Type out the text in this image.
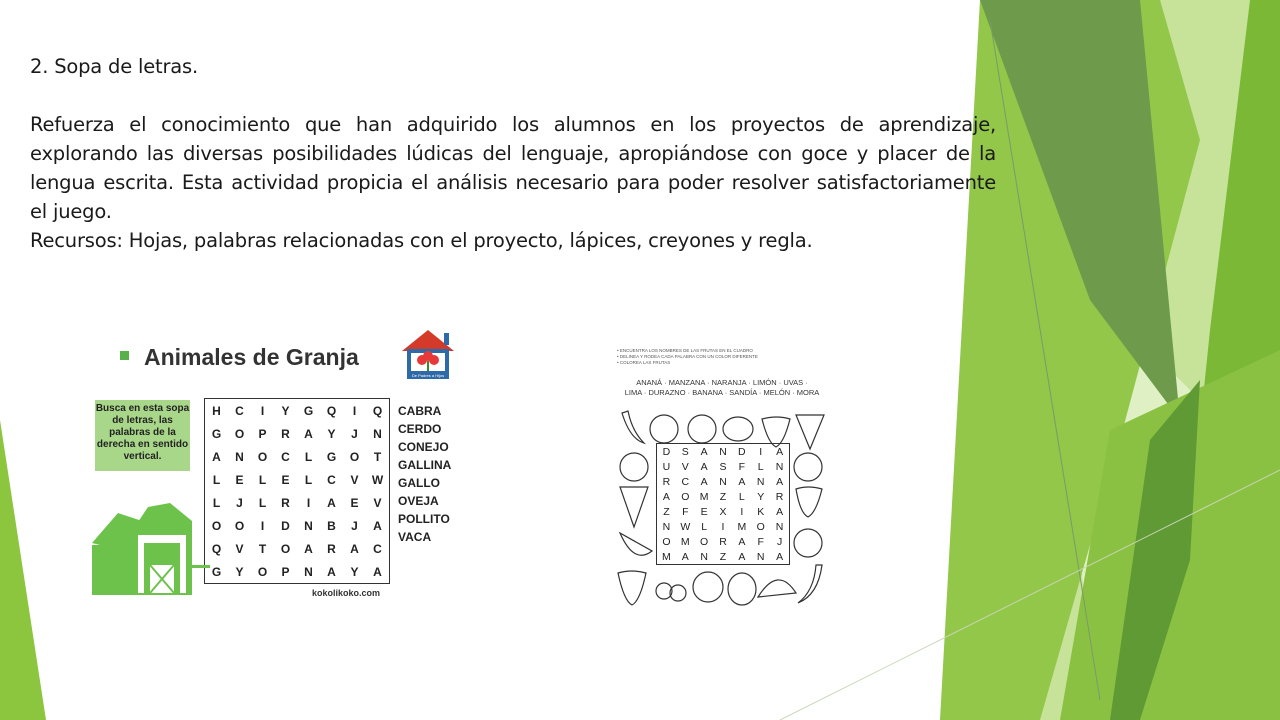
2. Sopa de letras.

Refuerza el conocimiento que han adquirido los alumnos en los proyectos de aprendizaje, explorando las diversas posibilidades lúdicas del lenguaje, apropiándose con goce y placer de la lengua escrita. Esta actividad propicia el análisis necesario para poder resolver satisfactoriamente el juego.

Recursos: Hojas, palabras relacionadas con el proyecto, lápices, creyones y regla.

Animales de Granja
De Padres a Hijos
Busca en esta sopa de letras, las palabras de la derecha en sentido vertical.
H	C	I	Y	G	Q	I	Q
G	O	P	R	A	Y	J	N
A	N	O	C	L	G	O	T
L	E	L	E	L	C	V	W
L	J	L	R	I	A	E	V
O	O	I	D	N	B	J	A
Q	V	T	O	A	R	A	C
G	Y	O	P	N	A	Y	A
CABRA
CERDO
CONEJO
GALLINA
GALLO
OVEJA
POLLITO
VACA
kokolikoko.com
• ENCUENTRA LOS NOMBRES DE LAS FRUTAS EN EL CUADRO
• DELINEA Y RODEA CADA PALABRA CON UN COLOR DIFERENTE
• COLOREA LAS FRUTAS
ANANÁ · MANZANA · NARANJA · LIMÓN · UVAS ·
LIMA · DURAZNO · BANANA · SANDÍA · MELÓN · MORA
D	S	A	N	D	I	A
U	V	A	S	F	L	N
R	C	A	N	A	N	A
A	O M	Z	L	Y	R
Z	F	E	X	I	K	A
N W	L	I	M O	N
O M O	R	A	F	J
M	A	N	Z	A	N	A
